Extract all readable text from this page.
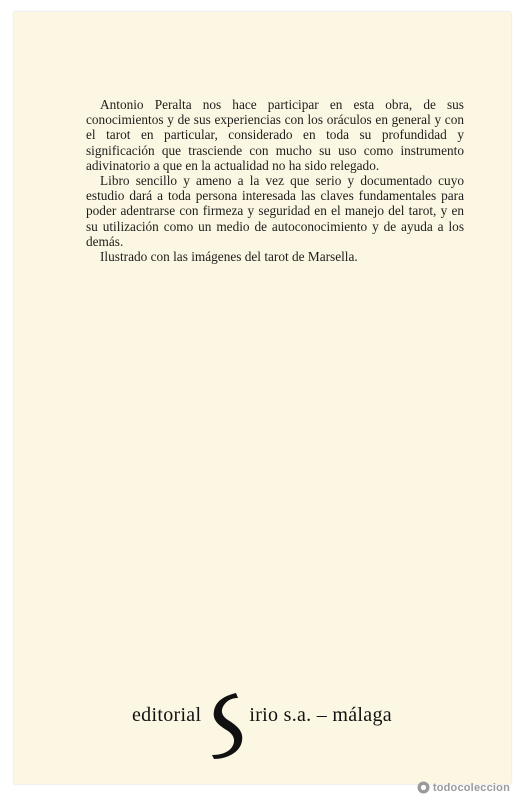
Antonio Peralta nos hace participar en esta obra, de sus conocimientos y de sus experiencias con los oráculos en general y con el tarot en particular, considerado en toda su profundidad y significación que trasciende con mucho su uso como instrumento adivinatorio a que en la actualidad no ha sido relegado.

Libro sencillo y ameno a la vez que serio y documentado cuyo estudio dará a toda persona interesada las claves fundamentales para poder adentrarse con firmeza y seguridad en el manejo del tarot, y en su utilización como un medio de autoconocimiento y de ayuda a los demás.

Ilustrado con las imágenes del tarot de Marsella.

editorial irio s.a. – málaga
todocoleccion
